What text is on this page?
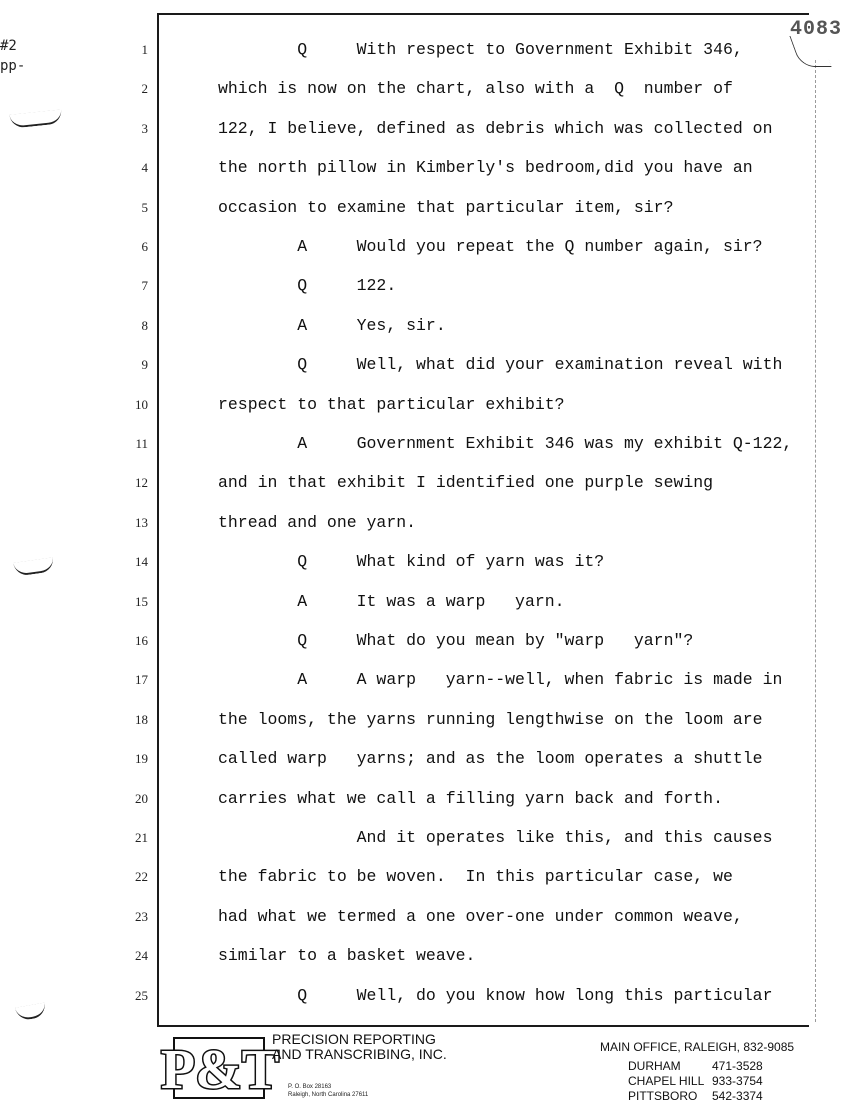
#2
pp-
4083
1	Q     With respect to Government Exhibit 346,
2	which is now on the chart, also with a  Q  number of
3	122, I believe, defined as debris which was collected on
4	the north pillow in Kimberly's bedroom,did you have an
5	occasion to examine that particular item, sir?
6	A     Would you repeat the Q number again, sir?
7	Q     122.
8	A     Yes, sir.
9	Q     Well, what did your examination reveal with
10	respect to that particular exhibit?
11	A     Government Exhibit 346 was my exhibit Q-122,
12	and in that exhibit I identified one purple sewing
13	thread and one yarn.
14	Q     What kind of yarn was it?
15	A     It was a warp   yarn.
16	Q     What do you mean by "warp   yarn"?
17	A     A warp   yarn--well, when fabric is made in
18	the looms, the yarns running lengthwise on the loom are
19	called warp   yarns; and as the loom operates a shuttle
20	carries what we call a filling yarn back and forth.
21	And it operates like this, and this causes
22	the fabric to be woven.  In this particular case, we
23	had what we termed a one over-one under common weave,
24	similar to a basket weave.
25	Q     Well, do you know how long this particular
P&T
PRECISION REPORTING
AND TRANSCRIBING, INC.
P. O. Box 28163
Raleigh, North Carolina 27611
MAIN OFFICE, RALEIGH, 832-9085
DURHAM	471-3528
CHAPEL HILL 933-3754
PITTSBORO 542-3374
